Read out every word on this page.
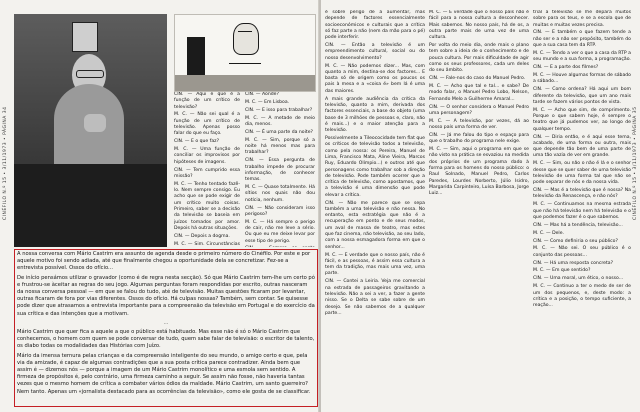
CINÉFILO N.º 15 • 3/11/1973 • PÁGINA 34

CIN. — Aqui é que é a função de um crítico de televisão?

M. C. — Não sei qual é a função de um crítico de televisão. Apenas posso falar do que eu faço.

CIN. — E o que faz?

M. C. — Uma função de conciliar os improvisos por hipóteses de imagens.

CIN. — Tem cumprido essa missão?

M. C. — Tenho tentado fazê-lo. Nem sempre consigo. Eu acho que se pode exigir de um crítico muito coisas. Primeiro, saber se a decisão da televisão se baseia em juízos tomados por amor. Depois há outras situações.

CIN. — Depois a dogma.

M. C. — Sim. Circunstâncias

CIN. — Aonde?

M. C. — Em Lisboa.

CIN. — E isso para trabalhar?

M. C. — A metade de meio dia, menos.

CIN. — É uma parte da noite?

M. C. — Sim, porque só a noite há menos mas para trabalhar?

CIN. — Essa pergunta de trabalho impede de procurar informação, de conhecer temas.

M. C. — Quase totalmente. Há sítios nos quais não dou notícia, nenhum.

CIN. — Não consideram isso perigoso?

M. C. — Há sempre o perigo de cair, não me leve a sério. Ou que eu me deixe levar por esse tipo de perigo.

A nossa conversa com Mário Castrim era assunto de agenda desde o primeiro número do Cinéfilo. Por este e por aquele motivo foi sendo adiada, até que finalmente chegou a oportunidade dela se concretizar. Fez-se a entrevista possível. Ossos do ofício...

De início pensámos utilizar o gravador (como é de regra nesta secção). Só que Mário Castrim tem-lhe um certo pó e frustrou-se àceitar as regras do seu jogo. Algumas perguntas foram respondidas por escrito, outras nasceram da nossa conversa pessoal — em que se falou do tudo, até de televisão. Muitas questões ficaram por levantar, outras ficaram de fora por vias diferentes. Ossos do ofício. Há culpas nossas? Também, sem contar. Se quisesse pode dizer que atrasamos a entrevista importante para a compreensão da televisão em Portugal e do exercício da sua crítica e das intenções que a motivam.

...

Mário Castrim que quer fica a aquele a que o público está habituado. Mas esse não é só o Mário Castrim que conhecemos, o homem com quem se pode conversar de tudo, quem sabe falar de televisão: o escritor de talento, os diabo todas os modalidades das Histórias com Juízo.

Mário da imensa ternura pelas crianças e da compreensão inteligente do seu mundo, o amigo certo e que, pela via da amizade, é capaz de algumas contradições que a sua posta crítica parece contradizer. Ainda bem que assim é — dizemos nós — porque a imagem de um Mário Castrim monolítico e uma esmola sem sentido. A firmeza de propósitos é, pelo contrário, uma firmeza caminho a seguir. Se assim não fosse, não haveria tantas vezes que o mesmo homem de crítica a combater vários ódios da maldade. Mário Castrim, um santo guerreiro? Nem tanto. Apenas um «jornalista destacado para as ocorrências da televisão», como ele gosta de se classificar.

é sobre perigo de a aumentar, mas depende de factores essencialmente socioeconómicos e culturais que a crítica só faz parte a não (nem da mão para o pé) pode interferir.

CIN. — Então a televisão é um empreendimento cultural, social ou do nosso desenvolvimento?

M. C. — Não podemos dizer... Mas, com quanto a mim, destina-se dos factores... E basta só de origem como os poucos os pais à mesa e a «coisa é» bem lá é uma das maiores.

A mais grande audiência da crítica da televisão, quanto a mim, derivada dos factores essenciais, a base do objeto (uma base de 3 milhões de pessoas e, claro, não é mais...) e o maior atenção para a televisão.

Possivelmente a Tileococidade tem flat que os críticos de televisão todos a televisão, como pela nossa: os Pereira, Manuel de Lima, Francisco Mata, Aline Vieira, Marcos Ruy, Eduardo Olímpio...) e outros até que personagens como trabalhar sob a direção de televisão. Pode também ocorrer que a crítica de televisão, como apostamos, que a televisão é uma dimensão que pode elevar a crítica.

CIN. — Não me parece que se sepa também a uma televisão e não nessa. No entanto, esta estratégia que não é a recuperação em ponto e de seus modos, um aval de massa de teatro, mas estes que faz cinema, não televisão, ao seu lado, com a nossa esmagadora forma em que o senhor...

M. C. — E verdade que o nosso país, não é fácil, e as pessoas, é assim essa cultura a tem da tradição, mas mais uma vez, uma parte.

CIN. — Contei a Leiria. Veja me comercial na estrada de passageiros gravitando a televisão. Não a sei a ver, a fazer a gente nisso. Se o Delta se sabe sobre de um desejo. Se não sabemos de a qualquer parte...

M. C. — E verdade que o nosso país não é fácil para a nossa cultura a desconhecer. Mais sabemos. No nosso país, há de os, a outra parte mais de uma vez de uma cultura.

Por volta do meio dia, onde mais o plano tem sobre a ideia de o conhecimento e de pouca cultura. Por mais dificuldade de agir como os seus professores, cada um deles do seu âmbito.

CIN. — Fale-nos do caso do Manuel Pedro.

M. C. — Acho que tal e tal... e sabe? De modo falar, o Manuel Pedro Lobo, Nelson, Fernando Melo a Guilherme Amaral...

CIN. — O senhor considera o Manuel Pedro uma personagem?

M. C. — A televisão, por vezes, dá ao nosso país uma forma de ver.

CIN. — Já me falou do tipo e espaço para que o trabalho do programa nele exige.

M. C. — Sim, aqui o programa em que se não visto na prática se esvaziou na medida dos próprios de um programa dado à forma para os homens do nosso público: o Raul Solnado, Manuel Pedro, Carlos Paredes, Lourdes Norberto, Júlio Isidro, Margarida Carpinteiro, Luísa Barbosa, Jorge Luiz...

trial a televisão se lhe depara muitos sobre para os teus, e se a escola que de muitas e muitas vezes precisa.

CIN. — E também o que fazem tende a não ser e a não ser propósito, também do que a sua casa tem da RTP.

M. C. — Tendo a ver o que a casa da RTP a seu mundo e a sua forma, a programação.

CIN. — E a parte dos filmes?

M. C. — Houve algumas formas de sábado a sábado...

CIN. — Como ordena? Há aqui um bom diferente da televisão, que um ano mais tarde se fazem vários pontos de vista.

M. C. — Acho que sim, de comprimento. Porque o que sabem hoje, é sempre o teatro que já pudemos ver, ao longo de qualquer tempo.

CIN. — Diria então, e é aqui esse tema, acabado, de uma forma ou outra, mais que depende tão bem de uma parte de uma tão vazia de ver em grande.

M. C. — Sim, ou não o não é lá e o senhor desse que se quer saber de uma televisão televisão de uma forma tal que não se pode separar de nós e da nossa vida.

CIN. — Mas é a televisão que é nossa? Na televisão da Renascença, e não nós?

M. C. — Continuamos na mesma estrada que não há televisão nem há televisão e o que podemos fazer é o que sabemos.

CIN. — Mas há a tendência, televisão...

M. C. — Dele.

CIN. — Como definiria o seu público?

M. C. — Não sei. O seu público é o conjunto das pessoas...

CIN. — Há uma resposta concreta?

M. C. — Em que sentido?

CIN. — Uma moral, um ético, o nosso...

M. C. — Continuo a ter o medo de ser de um dos pequenos, e, deste modo: a crítica e a posição, o tempo suficiente, a reação...

CINÉFILO N.º 15 • 3/11/1973 • PÁGINA 35
